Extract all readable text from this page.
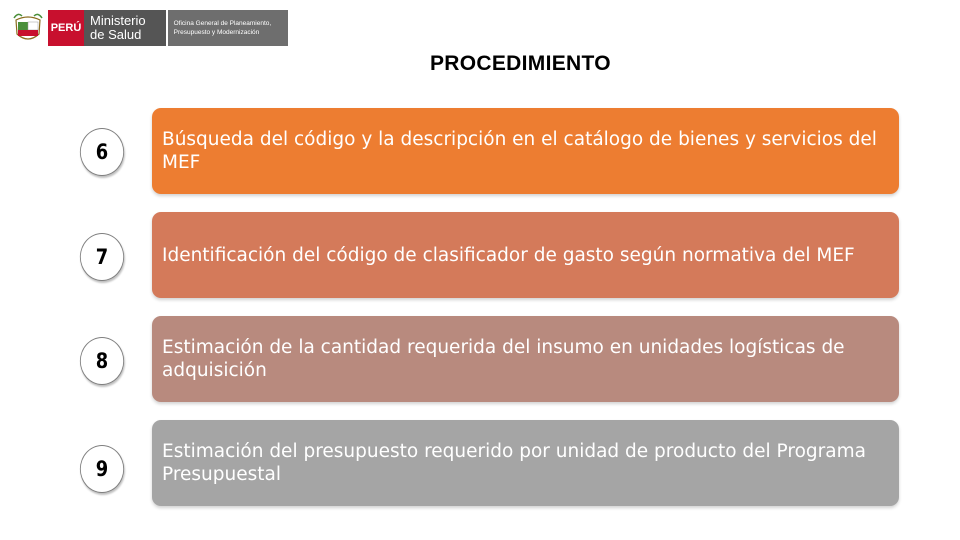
PERÚ Ministerio
de Salud
Oficina General de Planeamiento,
Presupuesto y Modernización
PROCEDIMIENTO
6
Búsqueda del código y la descripción en el catálogo de bienes y servicios del MEF
7	Identificación del código de clasificador de gasto según normativa del MEF
8
Estimación de la cantidad requerida del insumo en unidades logísticas de adquisición
9
Estimación del presupuesto requerido por unidad de producto del Programa Presupuestal
